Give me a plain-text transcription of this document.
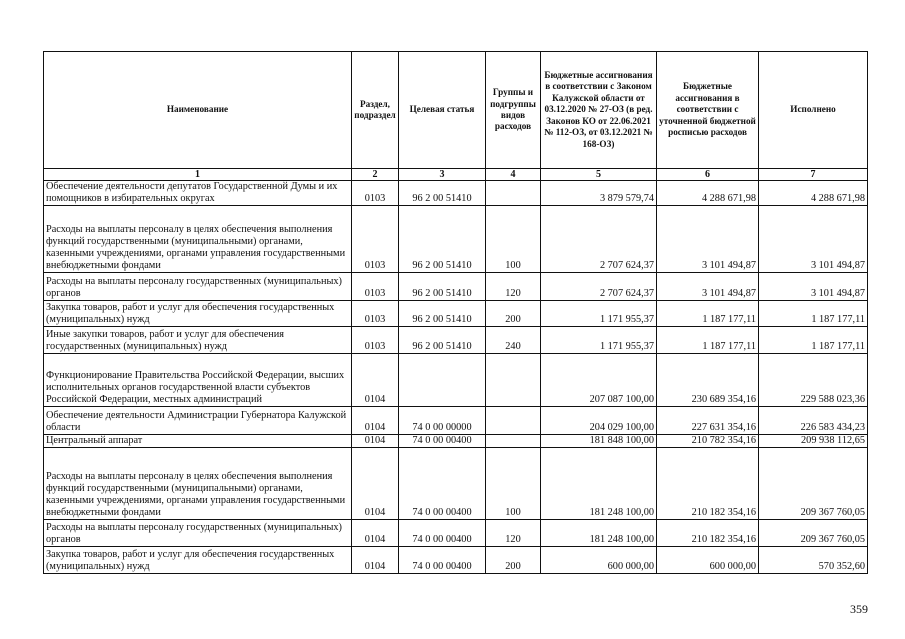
Наименование	Раздел, подраздел	Целевая статья	Группы и подгруппы видов расходов	Бюджетные ассигнования в соответствии с Законом Калужской области от 03.12.2020 № 27-ОЗ (в ред. Законов КО от 22.06.2021 № 112-ОЗ, от 03.12.2021 № 168-ОЗ)	Бюджетные ассигнования в соответствии с уточненной бюджетной росписью расходов	Исполнено
1	2	3	4	5	6	7
Обеспечение деятельности депутатов Государственной Думы и их помощников в избирательных округах	0103	96 2 00 51410		3 879 579,74	4 288 671,98	4 288 671,98
Расходы на выплаты персоналу в целях обеспечения выполнения функций государственными (муниципальными) органами, казенными учреждениями, органами управления государственными внебюджетными фондами	0103	96 2 00 51410	100	2 707 624,37	3 101 494,87	3 101 494,87
Расходы на выплаты персоналу государственных (муниципальных) органов	0103	96 2 00 51410	120	2 707 624,37	3 101 494,87	3 101 494,87
Закупка товаров, работ и услуг для обеспечения государственных (муниципальных) нужд	0103	96 2 00 51410	200	1 171 955,37	1 187 177,11	1 187 177,11
Иные закупки товаров, работ и услуг для обеспечения государственных (муниципальных) нужд	0103	96 2 00 51410	240	1 171 955,37	1 187 177,11	1 187 177,11
Функционирование Правительства Российской Федерации, высших исполнительных органов государственной власти субъектов Российской Федерации, местных администраций	0104			207 087 100,00	230 689 354,16	229 588 023,36
Обеспечение деятельности Администрации Губернатора Калужской области	0104	74 0 00 00000		204 029 100,00	227 631 354,16	226 583 434,23
Центральный аппарат	0104	74 0 00 00400		181 848 100,00	210 782 354,16	209 938 112,65
Расходы на выплаты персоналу в целях обеспечения выполнения функций государственными (муниципальными) органами, казенными учреждениями, органами управления государственными внебюджетными фондами	0104	74 0 00 00400	100	181 248 100,00	210 182 354,16	209 367 760,05
Расходы на выплаты персоналу государственных (муниципальных) органов	0104	74 0 00 00400	120	181 248 100,00	210 182 354,16	209 367 760,05
Закупка товаров, работ и услуг для обеспечения государственных (муниципальных) нужд	0104	74 0 00 00400	200	600 000,00	600 000,00	570 352,60
359
